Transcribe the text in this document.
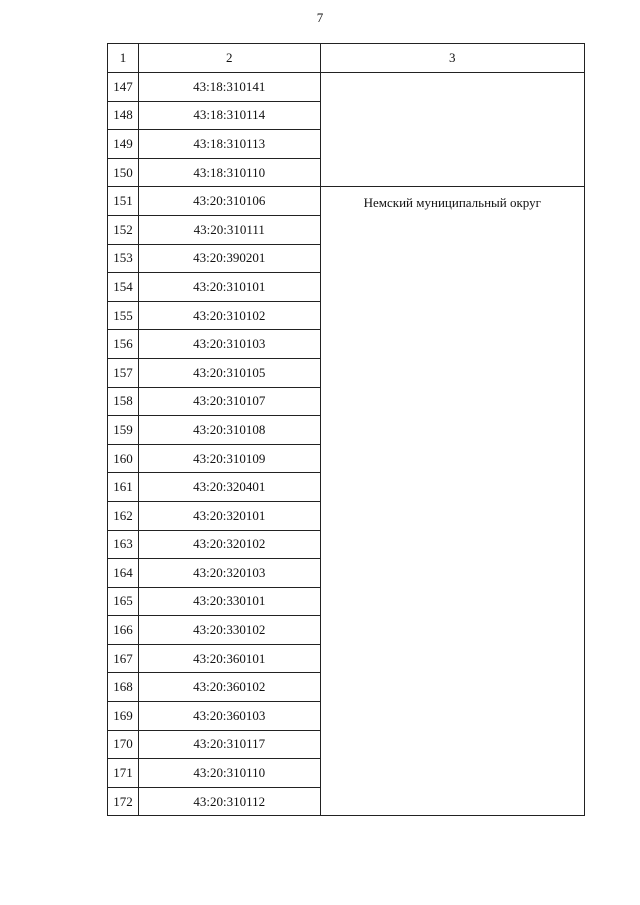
7
1	2	3
147	43:18:310141	
148	43:18:310114	
149	43:18:310113	
150	43:18:310110	
151	43:20:310106	Немский муниципальный округ
152	43:20:310111	
153	43:20:390201	
154	43:20:310101	
155	43:20:310102	
156	43:20:310103	
157	43:20:310105	
158	43:20:310107	
159	43:20:310108	
160	43:20:310109	
161	43:20:320401	
162	43:20:320101	
163	43:20:320102	
164	43:20:320103	
165	43:20:330101	
166	43:20:330102	
167	43:20:360101	
168	43:20:360102	
169	43:20:360103	
170	43:20:310117	
171	43:20:310110	
172	43:20:310112	
